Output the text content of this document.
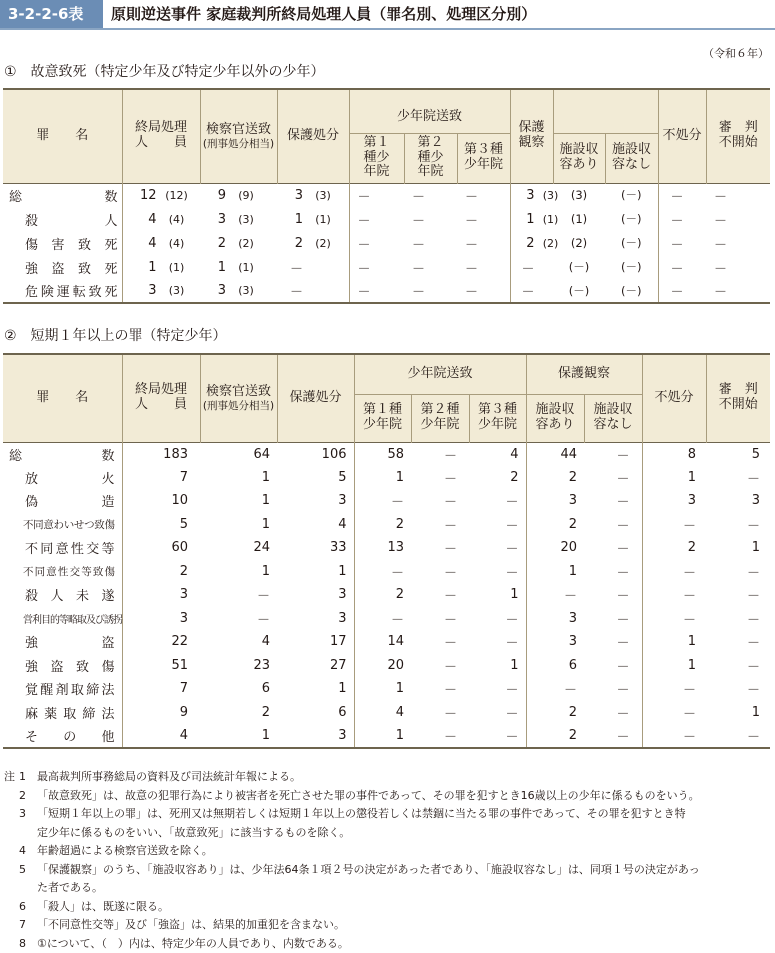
3-2-2-6表	原則逆送事件 家庭裁判所終局処理人員（罪名別、処理区分別）
（令和６年）
①　故意致死（特定少年及び特定少年以外の少年）
罪　　名	終局処理人　　員	検察官送致
(刑事処分相当)	保護処分	少年院送致			保護観察			不処分	審　判不開始
				第１種少年院	第２種少年院	第３種少年院		施設収容あり	施設収容なし		
総　　　数	12 (12)	9 (9)	3 (3)	－	－	－	3 (3)	(3)	(－)	－	－
殺　　人	4 (4)	3 (3)	1 (1)	－	－	－	1 (1)	(1)	(－)	－	－
傷害致死	4 (4)	2 (2)	2 (2)	－	－	－	2 (2)	(2)	(－)	－	－
強盗致死	1 (1)	1 (1)	－	－	－	－	－	(－)	(－)	－	－
危険運転致死	3 (3)	3 (3)	－	－	－	－	－	(－)	(－)	－	－
②　短期１年以上の罪（特定少年）
罪　　名	終局処理人　　員	検察官送致
(刑事処分相当)	保護処分	少年院送致			保護観察		不処分	審　判不開始
				第１種少年院	第２種少年院	第３種少年院	施設収容あり	施設収容なし		
総　　　数	183	64	106	58	－	4	44	－	8	5
放　　火	7	1	5	1	－	2	2	－	1	－
偽　　造	10	1	3	－	－	－	3	－	3	3
不同意わいせつ致傷	5	1	4	2	－	－	2	－	－	－
不同意性交等	60	24	33	13	－	－	20	－	2	1
不同意性交等致傷	2	1	1	－	－	－	1	－	－	－
殺人未遂	3	－	3	2	－	1	－	－	－	－
営利目的等略取及び誘拐	3	－	3	－	－	－	3	－	－	－
強　　盗	22	4	17	14	－	－	3	－	1	－
強盗致傷	51	23	27	20	－	1	6	－	1	－
覚醒剤取締法	7	6	1	1	－	－	－	－	－	－
麻薬取締法	9	2	6	4	－	－	2	－	－	1
そ　の　他	4	1	3	1	－	－	2	－	－	－
注 1 最高裁判所事務総局の資料及び司法統計年報による。
2 「故意致死」は、故意の犯罪行為により被害者を死亡させた罪の事件であって、その罪を犯すとき16歳以上の少年に係るものをいう。
3 「短期１年以上の罪」は、死刑又は無期若しくは短期１年以上の懲役若しくは禁錮に当たる罪の事件であって、その罪を犯すとき特
定少年に係るものをいい、「故意致死」に該当するものを除く。
4 年齢超過による検察官送致を除く。
5 「保護観察」のうち、「施設収容あり」は、少年法64条１項２号の決定があった者であり、「施設収容なし」は、同項１号の決定があっ
た者である。
6 「殺人」は、既遂に限る。
7 「不同意性交等」及び「強盗」は、結果的加重犯を含まない。
8 ①について、（　）内は、特定少年の人員であり、内数である。
